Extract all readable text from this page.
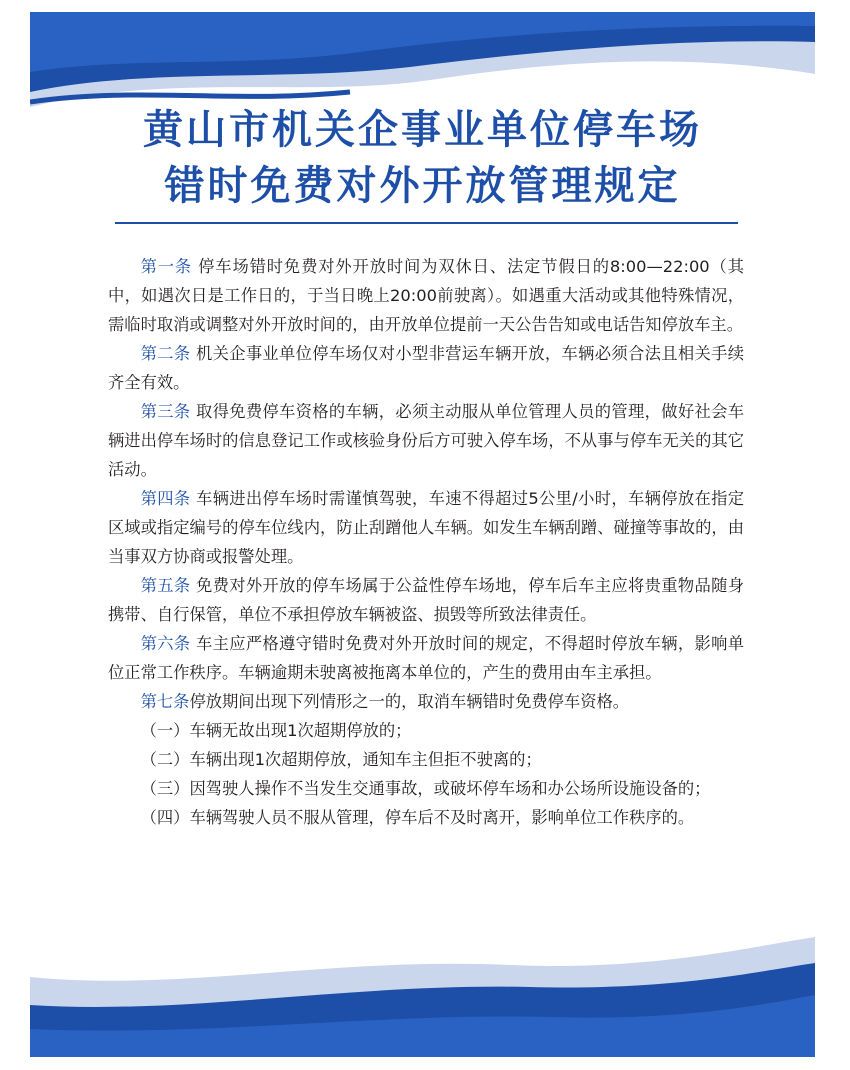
黄山市机关企事业单位停车场
错时免费对外开放管理规定

第一条 停车场错时免费对外开放时间为双休日、法定节假日的8:00—22:00（其中，如遇次日是工作日的，于当日晚上20:00前驶离）。如遇重大活动或其他特殊情况，需临时取消或调整对外开放时间的，由开放单位提前一天公告告知或电话告知停放车主。

第二条 机关企事业单位停车场仅对小型非营运车辆开放，车辆必须合法且相关手续齐全有效。

第三条 取得免费停车资格的车辆，必须主动服从单位管理人员的管理，做好社会车辆进出停车场时的信息登记工作或核验身份后方可驶入停车场，不从事与停车无关的其它活动。

第四条 车辆进出停车场时需谨慎驾驶，车速不得超过5公里/小时，车辆停放在指定区域或指定编号的停车位线内，防止刮蹭他人车辆。如发生车辆刮蹭、碰撞等事故的，由当事双方协商或报警处理。

第五条 免费对外开放的停车场属于公益性停车场地，停车后车主应将贵重物品随身携带、自行保管，单位不承担停放车辆被盗、损毁等所致法律责任。

第六条 车主应严格遵守错时免费对外开放时间的规定，不得超时停放车辆，影响单位正常工作秩序。车辆逾期未驶离被拖离本单位的，产生的费用由车主承担。

第七条停放期间出现下列情形之一的，取消车辆错时免费停车资格。

（一）车辆无故出现1次超期停放的；

（二）车辆出现1次超期停放，通知车主但拒不驶离的；

（三）因驾驶人操作不当发生交通事故，或破坏停车场和办公场所设施设备的；

（四）车辆驾驶人员不服从管理，停车后不及时离开，影响单位工作秩序的。
